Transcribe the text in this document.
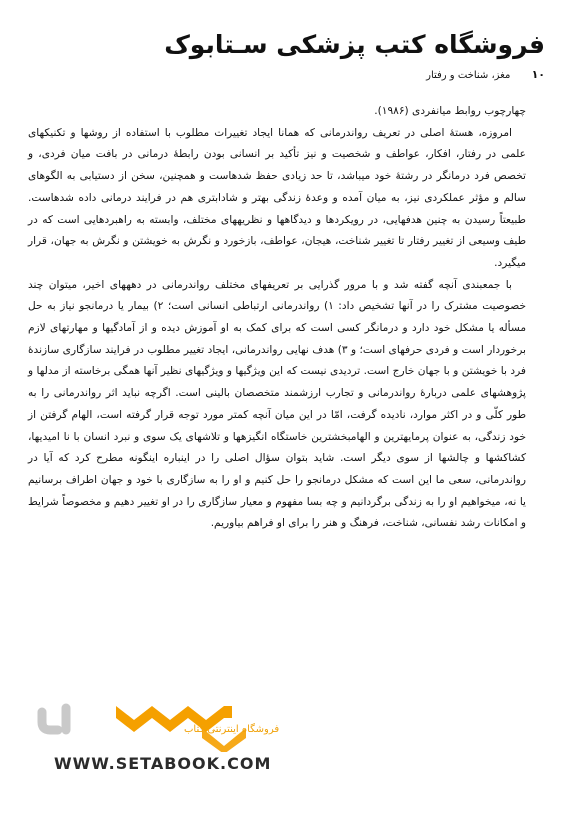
فروشگاه کتب پزشکی سـتابوک
۱۰ مغز، شناخت و رفتار

چهارچوب روابط میانفردی (۱۹۸۶).

امروزه، هستهٔ اصلی در تعریف رواندرمانی که همانا ایجاد تغییرات مطلوب با استفاده از روشها و تکنیکهای علمی در رفتار، افکار، عواطف و شخصیت و نیز تأکید بر انسانی بودن رابطهٔ درمانی در بافت میان فردی، و تخصص فرد درمانگر در رشتهٔ خود میباشد، تا حد زیادی حفظ شدهاست و همچنین، سخن از دستیابی به الگوهای سالم و مؤثر عملکردی نیز، به میان آمده و وعدهٔ زندگی بهتر و شادابتری هم در فرایند درمانی داده شدهاست. طبیعتاً رسیدن به چنین هدفهایی، در رویکردها و دیدگاهها و نظریهها‌ی مختلف، وابسته به راهبردهایی است که در طیف وسیعی از تغییر رفتار تا تغییر شناخت، هیجان، عواطف، بازخورد و نگرش به خویشتن و نگرش به جهان، قرار میگیرد.

با جمعبندی آنچه گفته شد و با مرور گذرایی بر تعریفهای مختلف رواندرمانی در دهههای اخیر، میتوان چند خصوصیت مشترک را در آنها تشخیص داد: ۱) رواندرمانی ارتباطی انسانی است؛ ۲) بیمار یا درمانجو نیاز به حل مسأله یا مشکل خود دارد و درمانگر کسی است که برای کمک به او آموزش دیده و از آمادگیها و مهارتهای لازم برخوردار است و فردی حرفهای است؛ و ۳) هدف نهایی رواندرمانی، ایجاد تغییر مطلوب در فرایند سازگاری سازندهٔ فرد با خویشتن و با جهان خارج است. تردیدی نیست که این ویژگیها و ویژگیهای نظیر آنها همگی برخاسته از مدلها و پژوهشهای علمی دربارهٔ رواندرمانی و تجارب ارزشمند متخصصان بالینی است. اگرچه نباید اثر رواندرمانی را به طور کلّی و در اکثر موارد، نادیده گرفت، امّا در این میان آنچه کمتر مورد توجه قرار گرفته است، الهام گرفتن از خود زندگی، به عنوان پرمایهترین و الهامبخشترین خاستگاه انگیزهها و تلاشهای یک سوی و نبرد انسان با نا امیدیها، کشاکشها و چالشها از سوی دیگر است. شاید بتوان سؤال اصلی را در اینباره اینگونه مطرح کرد که آیا در رواندرمانی، سعی ما این است که مشکل درمانجو را حل کنیم و او را به سازگاری با خود و جهان اطراف برسانیم یا نه، میخواهیم او را به زندگی برگردانیم و چه بسا مفهوم و معیار سازگاری را در او تغییر دهیم و مخصوصاً شرایط و امکانات رشد نفسانی، شناخت، فرهنگ و هنر را برای او فراهم بیاوریم.

فروشگاه اینترنتی کتاب
WWW.SETABOOK.COM
